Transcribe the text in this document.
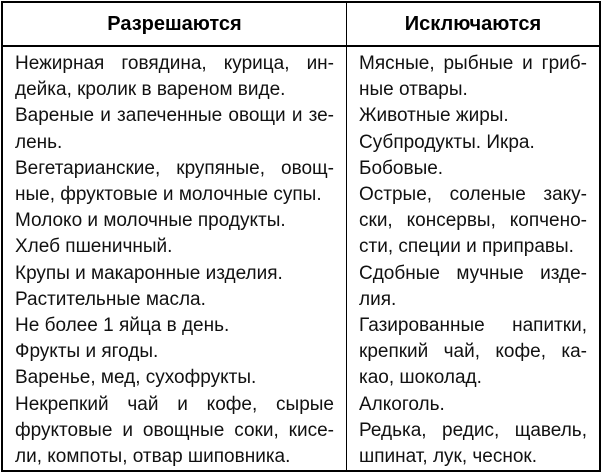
Разрешаются	Исключаются
Нежирная говядина, курица, ин-
дейка, кролик в вареном виде.
Вареные и запеченные овощи и зе-
лень.
Вегетарианские, крупяные, овощ-
ные, фруктовые и молочные супы.
Молоко и молочные продукты.
Хлеб пшеничный.
Крупы и макаронные изделия.
Растительные масла.
Не более 1 яйца в день.
Фрукты и ягоды.
Варенье, мед, сухофрукты.
Некрепкий чай и кофе, сырые
фруктовые и овощные соки, кисе-
ли, компоты, отвар шиповника.
Мясные, рыбные и гриб-
ные отвары.
Животные жиры.
Субпродукты. Икра.
Бобовые.
Острые, соленые заку-
ски, консервы, копчено-
сти, специи и приправы.
Сдобные мучные изде-
лия.
Газированные напитки,
крепкий чай, кофе, ка-
као, шоколад.
Алкоголь.
Редька, редис, щавель,
шпинат, лук, чеснок.
